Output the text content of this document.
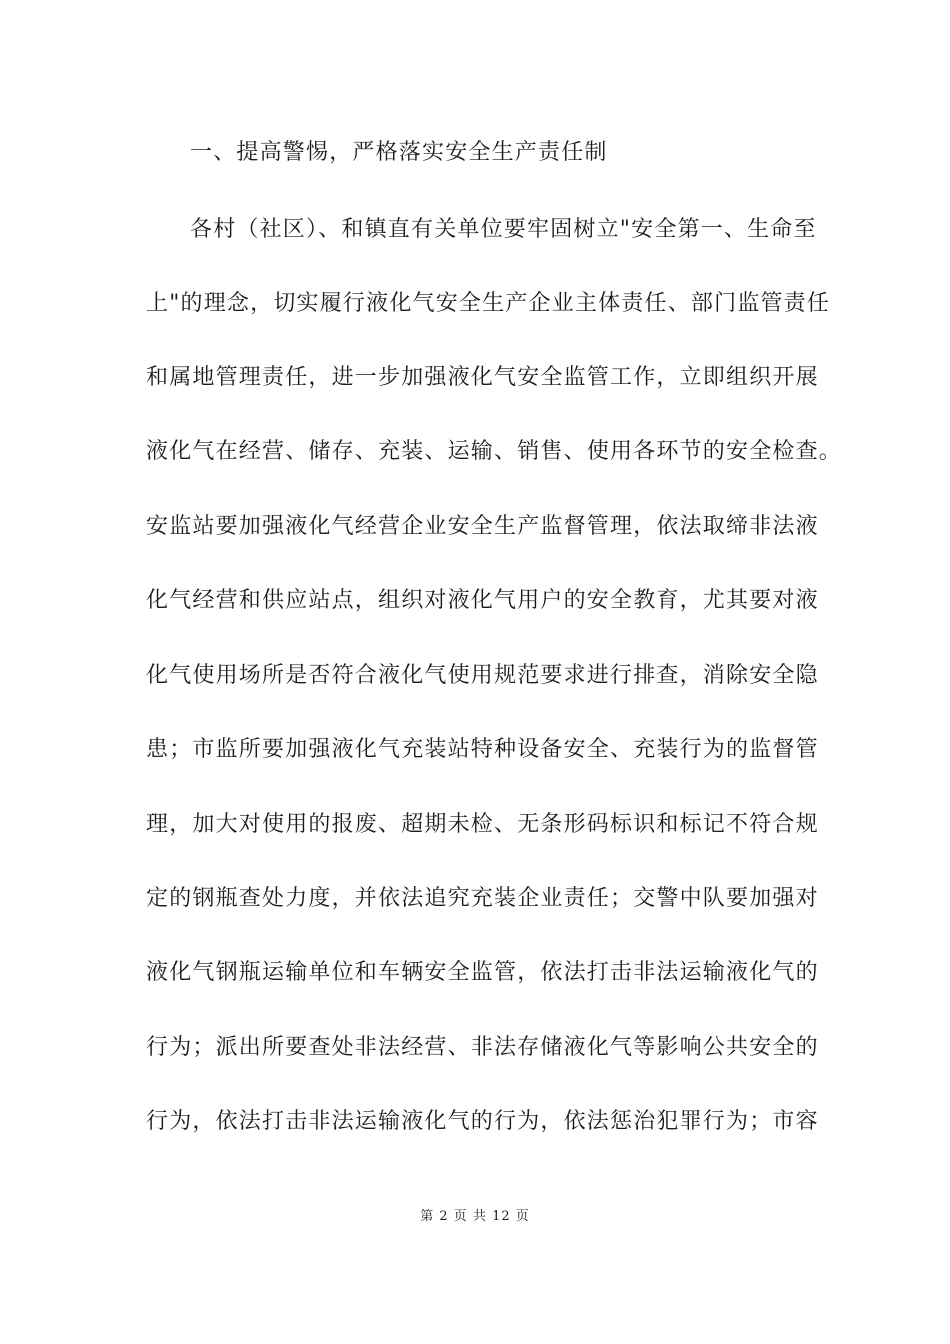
一、提高警惕，严格落实安全生产责任制
各村（社区）、和镇直有关单位要牢固树立"安全第一、生命至
上"的理念，切实履行液化气安全生产企业主体责任、部门监管责任
和属地管理责任，进一步加强液化气安全监管工作，立即组织开展
液化气在经营、储存、充装、运输、销售、使用各环节的安全检查。
安监站要加强液化气经营企业安全生产监督管理，依法取缔非法液
化气经营和供应站点，组织对液化气用户的安全教育，尤其要对液
化气使用场所是否符合液化气使用规范要求进行排查，消除安全隐
患；市监所要加强液化气充装站特种设备安全、充装行为的监督管
理，加大对使用的报废、超期未检、无条形码标识和标记不符合规
定的钢瓶查处力度，并依法追究充装企业责任；交警中队要加强对
液化气钢瓶运输单位和车辆安全监管，依法打击非法运输液化气的
行为；派出所要查处非法经营、非法存储液化气等影响公共安全的
行为，依法打击非法运输液化气的行为，依法惩治犯罪行为；市容
第 2 页 共 12 页
